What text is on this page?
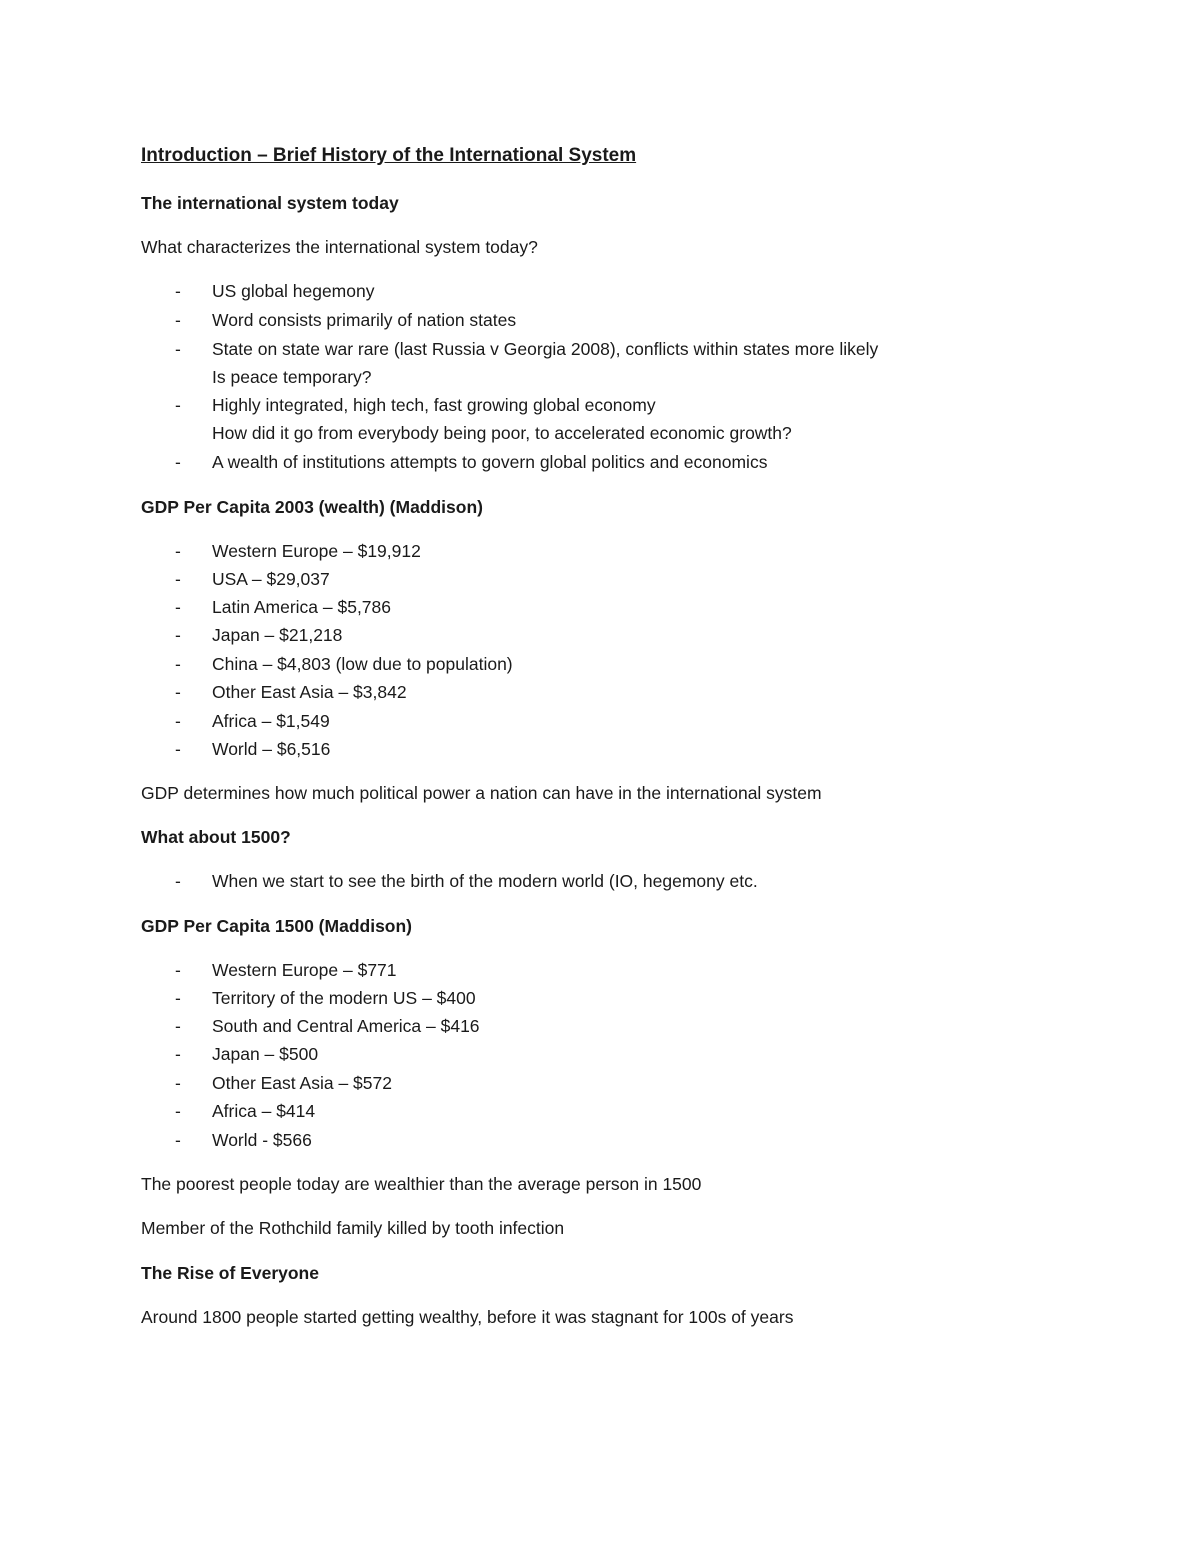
Introduction – Brief History of the International System
The international system today
What characterizes the international system today?
- US global hegemony
- Word consists primarily of nation states
- State on state war rare (last Russia v Georgia 2008), conflicts within states more likely
Is peace temporary?
- Highly integrated, high tech, fast growing global economy
How did it go from everybody being poor, to accelerated economic growth?
- A wealth of institutions attempts to govern global politics and economics
GDP Per Capita 2003 (wealth) (Maddison)
- Western Europe – $19,912
- USA – $29,037
- Latin America – $5,786
- Japan – $21,218
- China – $4,803 (low due to population)
- Other East Asia – $3,842
- Africa – $1,549
- World – $6,516
GDP determines how much political power a nation can have in the international system
What about 1500?
- When we start to see the birth of the modern world (IO, hegemony etc.
GDP Per Capita 1500 (Maddison)
- Western Europe – $771
- Territory of the modern US – $400
- South and Central America – $416
- Japan – $500
- Other East Asia – $572
- Africa – $414
- World - $566
The poorest people today are wealthier than the average person in 1500
Member of the Rothchild family killed by tooth infection
The Rise of Everyone
Around 1800 people started getting wealthy, before it was stagnant for 100s of years
